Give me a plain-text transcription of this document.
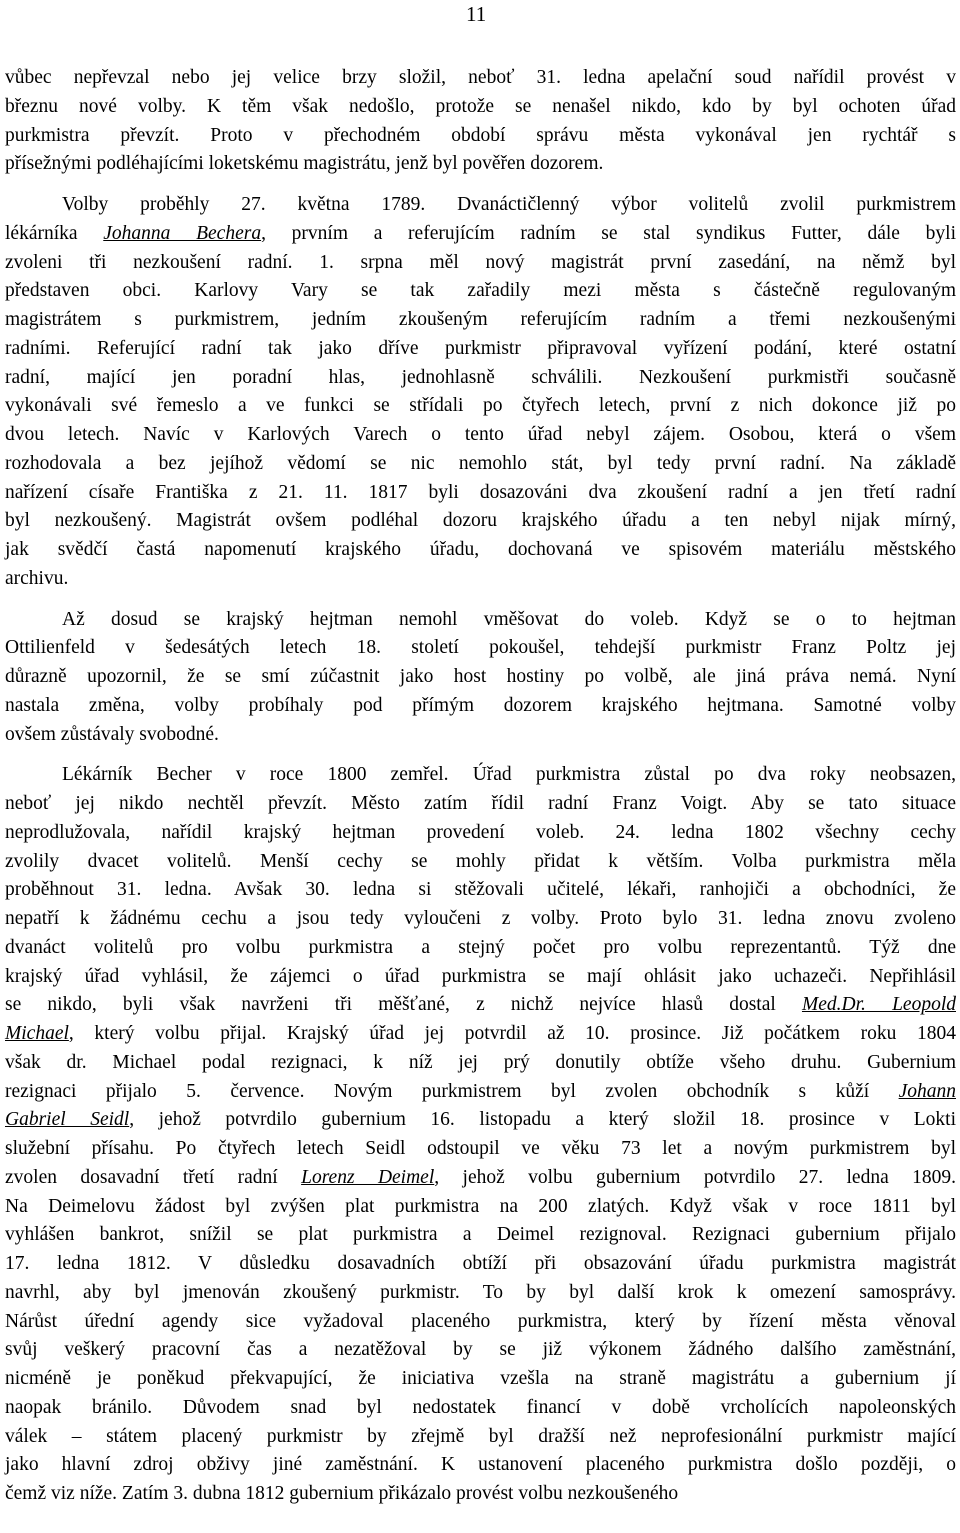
11
vůbec nepřevzal nebo jej velice brzy složil, neboť 31. ledna apelační soud nařídil provést v
březnu nové volby. K těm však nedošlo, protože se nenašel nikdo, kdo by byl ochoten úřad
purkmistra převzít. Proto v přechodném období správu města vykonával jen rychtář s
přísežnými podléhajícími loketskému magistrátu, jenž byl pověřen dozorem.
Volby proběhly 27. května 1789. Dvanáctičlenný výbor volitelů zvolil purkmistrem
lékárníka Johanna Bechera, prvním a referujícím radním se stal syndikus Futter, dále byli
zvoleni tři nezkoušení radní. 1. srpna měl nový magistrát první zasedání, na němž byl
představen obci. Karlovy Vary se tak zařadily mezi města s částečně regulovaným
magistrátem s purkmistrem, jedním zkoušeným referujícím radním a třemi nezkoušenými
radními. Referující radní tak jako dříve purkmistr připravoval vyřízení podání, které ostatní
radní, mající jen poradní hlas, jednohlasně schválili. Nezkoušení purkmistři současně
vykonávali své řemeslo a ve funkci se střídali po čtyřech letech, první z nich dokonce již po
dvou letech. Navíc v Karlových Varech o tento úřad nebyl zájem. Osobou, která o všem
rozhodovala a bez jejíhož vědomí se nic nemohlo stát, byl tedy první radní. Na základě
nařízení císaře Františka z 21. 11. 1817 byli dosazováni dva zkoušení radní a jen třetí radní
byl nezkoušený. Magistrát ovšem podléhal dozoru krajského úřadu a ten nebyl nijak mírný,
jak svědčí častá napomenutí krajského úřadu, dochovaná ve spisovém materiálu městského
archivu.
Až dosud se krajský hejtman nemohl vměšovat do voleb. Když se o to hejtman
Ottilienfeld v šedesátých letech 18. století pokoušel, tehdejší purkmistr Franz Poltz jej
důrazně upozornil, že se smí zúčastnit jako host hostiny po volbě, ale jiná práva nemá. Nyní
nastala změna, volby probíhaly pod přímým dozorem krajského hejtmana. Samotné volby
ovšem zůstávaly svobodné.
Lékárník Becher v roce 1800 zemřel. Úřad purkmistra zůstal po dva roky neobsazen,
neboť jej nikdo nechtěl převzít. Město zatím řídil radní Franz Voigt. Aby se tato situace
neprodlužovala, nařídil krajský hejtman provedení voleb. 24. ledna 1802 všechny cechy
zvolily dvacet volitelů. Menší cechy se mohly přidat k větším. Volba purkmistra měla
proběhnout 31. ledna. Avšak 30. ledna si stěžovali učitelé, lékaři, ranhojiči a obchodníci, že
nepatří k žádnému cechu a jsou tedy vyloučeni z volby. Proto bylo 31. ledna znovu zvoleno
dvanáct volitelů pro volbu purkmistra a stejný počet pro volbu reprezentantů. Týž dne
krajský úřad vyhlásil, že zájemci o úřad purkmistra se mají ohlásit jako uchazeči. Nepřihlásil
se nikdo, byli však navrženi tři měšťané, z nichž nejvíce hlasů dostal Med.Dr. Leopold
Michael, který volbu přijal. Krajský úřad jej potvrdil až 10. prosince. Již počátkem roku 1804
však dr. Michael podal rezignaci, k níž jej prý donutily obtíže všeho druhu. Gubernium
rezignaci přijalo 5. července. Novým purkmistrem byl zvolen obchodník s kůží Johann
Gabriel Seidl, jehož potvrdilo gubernium 16. listopadu a který složil 18. prosince v Lokti
služební přísahu. Po čtyřech letech Seidl odstoupil ve věku 73 let a novým purkmistrem byl
zvolen dosavadní třetí radní Lorenz Deimel, jehož volbu gubernium potvrdilo 27. ledna 1809.
Na Deimelovu žádost byl zvýšen plat purkmistra na 200 zlatých. Když však v roce 1811 byl
vyhlášen bankrot, snížil se plat purkmistra a Deimel rezignoval. Rezignaci gubernium přijalo
17. ledna 1812. V důsledku dosavadních obtíží při obsazování úřadu purkmistra magistrát
navrhl, aby byl jmenován zkoušený purkmistr. To by byl další krok k omezení samosprávy.
Nárůst úřední agendy sice vyžadoval placeného purkmistra, který by řízení města věnoval
svůj veškerý pracovní čas a nezatěžoval by se již výkonem žádného dalšího zaměstnání,
nicméně je poněkud překvapující, že iniciativa vzešla na straně magistrátu a gubernium jí
naopak bránilo. Důvodem snad byl nedostatek financí v době vrcholících napoleonských
válek – státem placený purkmistr by zřejmě byl dražší než neprofesionální purkmistr mající
jako hlavní zdroj obživy jiné zaměstnání. K ustanovení placeného purkmistra došlo později, o
čemž viz níže. Zatím 3. dubna 1812 gubernium přikázalo provést volbu nezkoušeného
